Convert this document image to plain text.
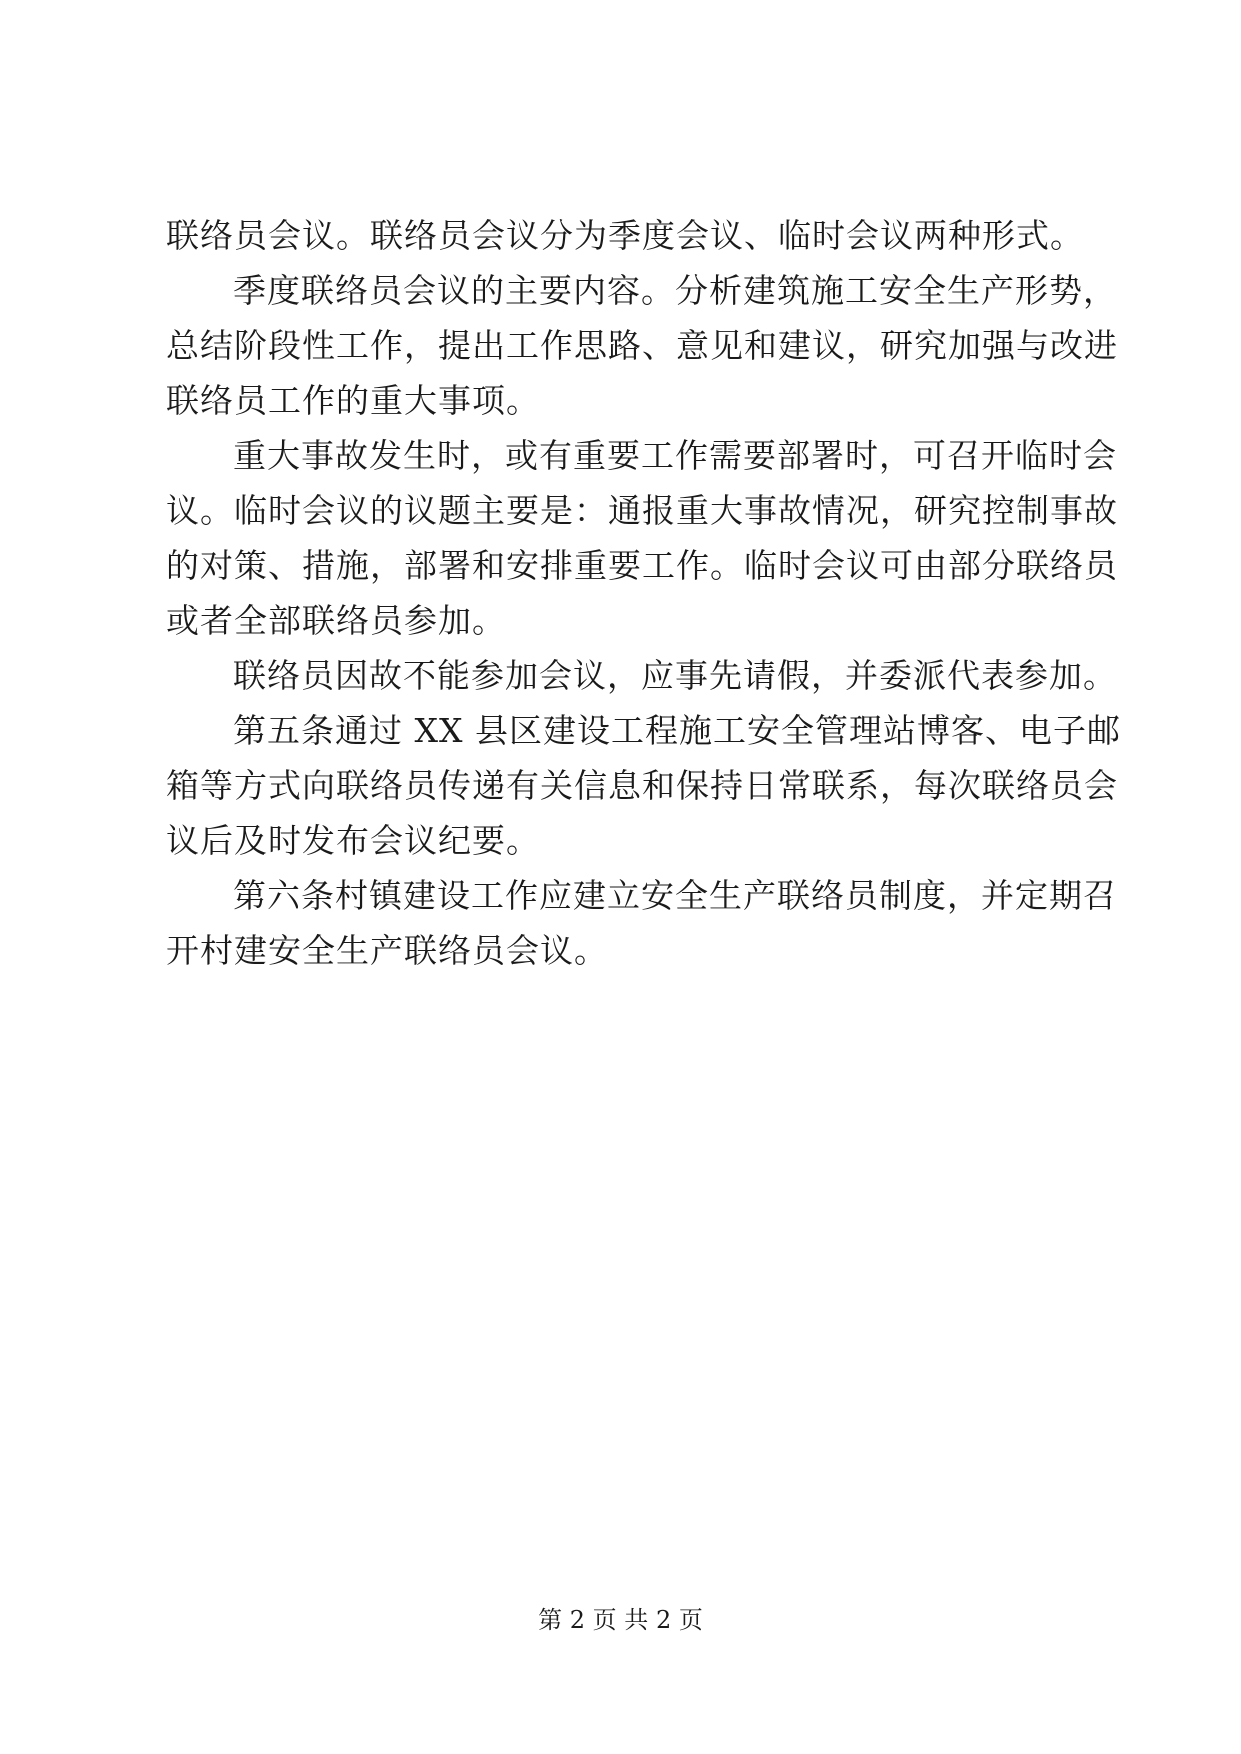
联络员会议。联络员会议分为季度会议、临时会议两种形式。
季度联络员会议的主要内容。分析建筑施工安全生产形势，
总结阶段性工作，提出工作思路、意见和建议，研究加强与改进
联络员工作的重大事项。
重大事故发生时，或有重要工作需要部署时，可召开临时会
议。临时会议的议题主要是：通报重大事故情况，研究控制事故
的对策、措施，部署和安排重要工作。临时会议可由部分联络员
或者全部联络员参加。
联络员因故不能参加会议，应事先请假，并委派代表参加。
第五条通过 XX 县区建设工程施工安全管理站博客、电子邮
箱等方式向联络员传递有关信息和保持日常联系，每次联络员会
议后及时发布会议纪要。
第六条村镇建设工作应建立安全生产联络员制度，并定期召
开村建安全生产联络员会议。
第 2 页 共 2 页
